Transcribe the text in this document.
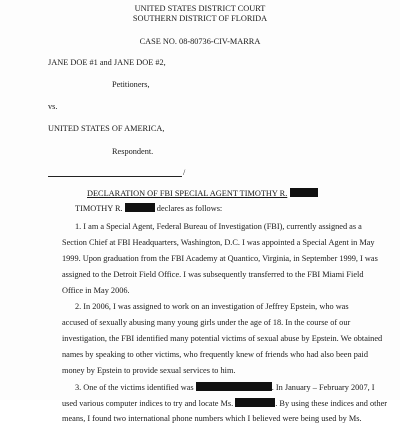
UNITED STATES DISTRICT COURT
SOUTHERN DISTRICT OF FLORIDA
CASE NO. 08-80736-CIV-MARRA
JANE DOE #1 and JANE DOE #2,
Petitioners,
vs.
UNITED STATES OF AMERICA,
Respondent.
/
DECLARATION OF FBI SPECIAL AGENT TIMOTHY R.
TIMOTHY R.	declares as follows:
1. I am a Special Agent, Federal Bureau of Investigation (FBI), currently assigned as a
Section Chief at FBI Headquarters, Washington, D.C. I was appointed a Special Agent in May
1999. Upon graduation from the FBI Academy at Quantico, Virginia, in September 1999, I was
assigned to the Detroit Field Office. I was subsequently transferred to the FBI Miami Field
Office in May 2006.
2. In 2006, I was assigned to work on an investigation of Jeffrey Epstein, who was
accused of sexually abusing many young girls under the age of 18. In the course of our
investigation, the FBI identified many potential victims of sexual abuse by Epstein. We obtained
names by speaking to other victims, who frequently knew of friends who had also been paid
money by Epstein to provide sexual services to him.
3. One of the victims identified was	. In January – February 2007, I
used various computer indices to try and locate Ms.	. By using these indices and other
means, I found two international phone numbers which I believed were being used by Ms.
